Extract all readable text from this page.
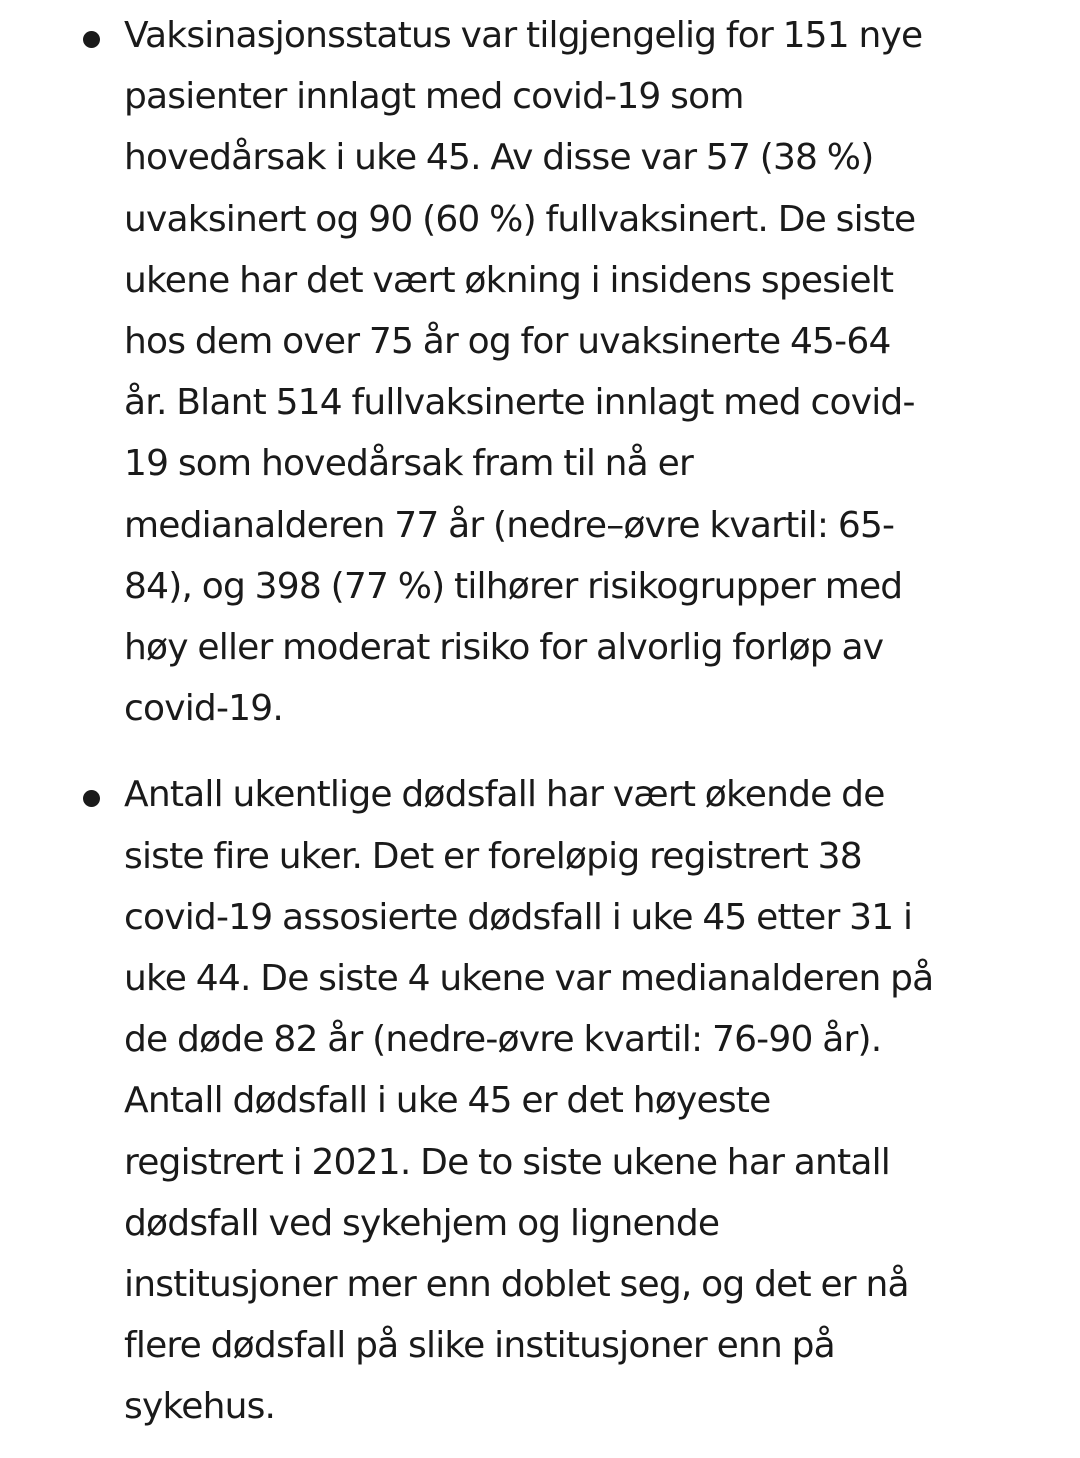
Vaksinasjonsstatus var tilgjengelig for 151 nye
pasienter innlagt med covid-19 som
hovedårsak i uke 45. Av disse var 57 (38 %)
uvaksinert og 90 (60 %) fullvaksinert. De siste
ukene har det vært økning i insidens spesielt
hos dem over 75 år og for uvaksinerte 45-64
år. Blant 514 fullvaksinerte innlagt med covid-
19 som hovedårsak fram til nå er
medianalderen 77 år (nedre–øvre kvartil: 65-
84), og 398 (77 %) tilhører risikogrupper med
høy eller moderat risiko for alvorlig forløp av
covid-19.
Antall ukentlige dødsfall har vært økende de
siste fire uker. Det er foreløpig registrert 38
covid-19 assosierte dødsfall i uke 45 etter 31 i
uke 44. De siste 4 ukene var medianalderen på
de døde 82 år (nedre-øvre kvartil: 76-90 år).
Antall dødsfall i uke 45 er det høyeste
registrert i 2021. De to siste ukene har antall
dødsfall ved sykehjem og lignende
institusjoner mer enn doblet seg, og det er nå
flere dødsfall på slike institusjoner enn på
sykehus.
